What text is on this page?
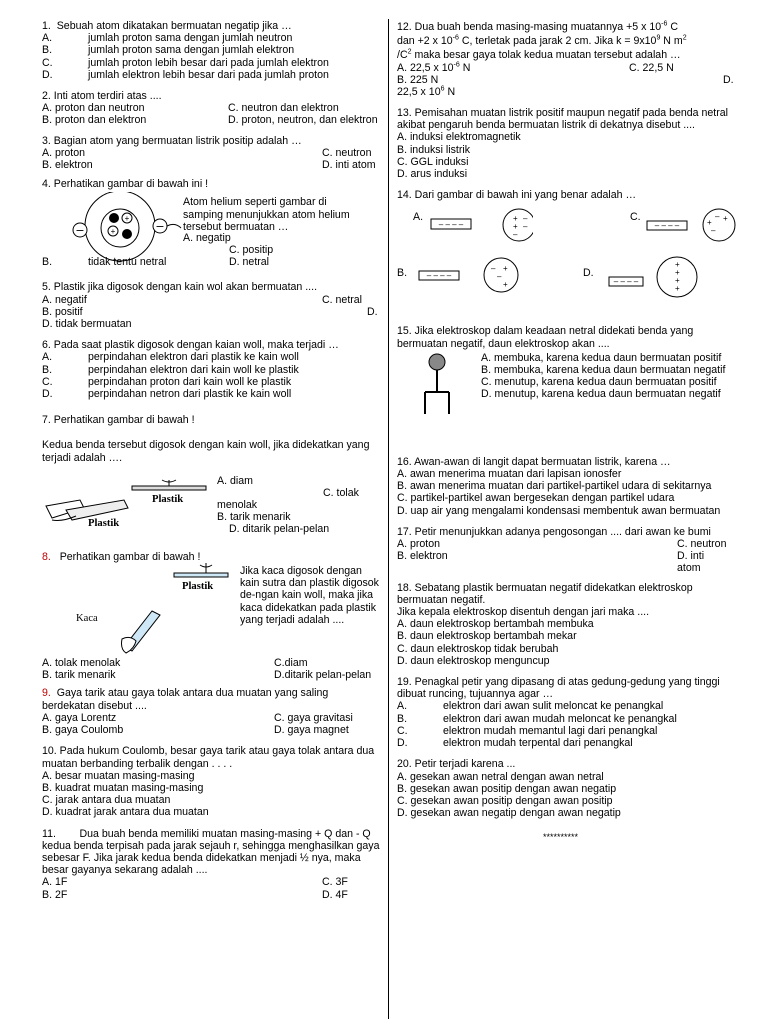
1. Sebuah atom dikatakan bermuatan negatip jika …

A.	jumlah proton sama dengan jumlah neutron
B.	jumlah proton sama dengan jumlah elektron
C.	jumlah proton lebih besar dari pada jumlah elektron
D.	jumlah elektron lebih besar dari pada jumlah proton

2. Inti atom terdiri atas ....

A. proton dan neutron	C. neutron dan elektron
B. proton dan elektron	D. proton, neutron, dan elektron

3. Bagian atom yang bermuatan listrik positip adalah …

A. proton	C. neutron
B. elektron	D. inti atom

4. Perhatikan gambar di bawah ini !

−	−
+
+

Atom helium seperti gambar di samping menunjukkan atom helium tersebut bermuatan …

A. negatip

C. positip

B.	tidak tentu netral	D. netral

5. Plastik jika digosok dengan kain wol akan bermuatan ....

A. negatif	C. netral
B. positif	D.
D. tidak bermuatan

6. Pada saat plastik digosok dengan kaian woll, maka terjadi …

A.	perpindahan elektron dari plastik ke kain woll
B.	perpindahan elektron dari kain woll ke plastik
C.	perpindahan proton dari kain woll ke plastik
D.	perpindahan netron dari plastik ke kain woll

7. Perhatikan gambar di bawah !

Kedua benda tersebut digosok dengan kain woll, jika didekatkan yang terjadi adalah ….

Plastik
Plastik

A. diam

C. tolak menolak

B. tarik menarik

D. ditarik pelan-pelan

8. Perhatikan gambar di bawah !

Plastik
Kaca

Jika kaca digosok dengan kain sutra dan plastik digosok de-ngan kain woll, maka jika kaca didekatkan pada plastik yang terjadi adalah ....

A. tolak menolak	C.diam
B. tarik menarik	D.ditarik pelan-pelan

9. Gaya tarik atau gaya tolak antara dua muatan yang saling berdekatan disebut ....

A. gaya Lorentz	C. gaya gravitasi
B. gaya Coulomb	D. gaya magnet

10. Pada hukum Coulomb, besar gaya tarik atau gaya tolak antara dua muatan berbanding terbalik dengan . . . .

A. besar muatan masing-masing

B. kuadrat muatan masing-masing

C. jarak antara dua muatan

D. kuadrat jarak antara dua muatan

11.        Dua buah benda memiliki muatan masing-masing + Q dan - Q kedua benda terpisah pada jarak sejauh r, sehingga menghasilkan gaya sebesar F. Jika jarak kedua benda didekatkan menjadi ½ nya, maka besar gayanya sekarang adalah ....

A. 1F	C. 3F
B. 2F	D. 4F

12. Dua buah benda masing-masing muatannya +5 x $10^{-6}$ C

dan +2 x $10^{-6}$ C, terletak pada jarak 2 cm. Jika $k = 9x10^9$ N $m^2$

$/C^2$ maka besar gaya tolak kedua muatan tersebut adalah …

A. 22,5 x $10^{-6}$ N	C. 22,5 N
B. 225 N	D.

22,5 x $10^6$ N

13. Pemisahan muatan listrik positif maupun negatif pada benda netral akibat pengaruh benda bermuatan listrik di dekatnya disebut ....

A. induksi elektromagnetik

B. induksi listrik

C. GGL induksi

D. arus induksi

14. Dari gambar di bawah ini yang benar adalah …

A.
– – – –
+ –
+ –
–
C.
– – – –	+
– +
–
B. – – – –
– +
–
+
D.
– – – –
+
+
+
+

15. Jika elektroskop dalam keadaan netral didekati benda yang bermuatan negatif, daun elektroskop akan ....

A. membuka, karena kedua daun bermuatan positif

B. membuka, karena kedua daun bermuatan negatif

C. menutup, karena kedua daun bermuatan positif

D. menutup, karena kedua daun bermuatan negatif

16. Awan-awan di langit dapat bermuatan listrik, karena …

A. awan menerima muatan dari lapisan ionosfer

B. awan menerima muatan dari partikel-partikel udara di sekitarnya

C. partikel-partikel awan bergesekan dengan partikel udara

D. uap air yang mengalami kondensasi membentuk awan bermuatan

17. Petir menunjukkan adanya pengosongan .... dari awan ke bumi

A. proton	C. neutron
B. elektron	D. inti atom

18. Sebatang plastik bermuatan negatif didekatkan elektroskop bermuatan negatif.

Jika kepala elektroskop disentuh dengan jari maka ....

A. daun elektroskop bertambah membuka

B. daun elektroskop bertambah mekar

C. daun elektroskop tidak berubah

D. daun elektroskop menguncup

19. Penagkal petir yang dipasang di atas gedung-gedung yang tinggi dibuat runcing, tujuannya agar …

A.	elektron dari awan sulit meloncat ke penangkal
B.	elektron dari awan mudah meloncat ke penangkal
C.	elektron mudah memantul lagi dari penangkal
D.	elektron mudah terpental dari penangkal

20. Petir terjadi karena ...

A. gesekan awan netral dengan awan netral

B. gesekan awan positip dengan awan negatip

C. gesekan awan positip dengan awan positip

D. gesekan awan negatip dengan awan negatip

**********
